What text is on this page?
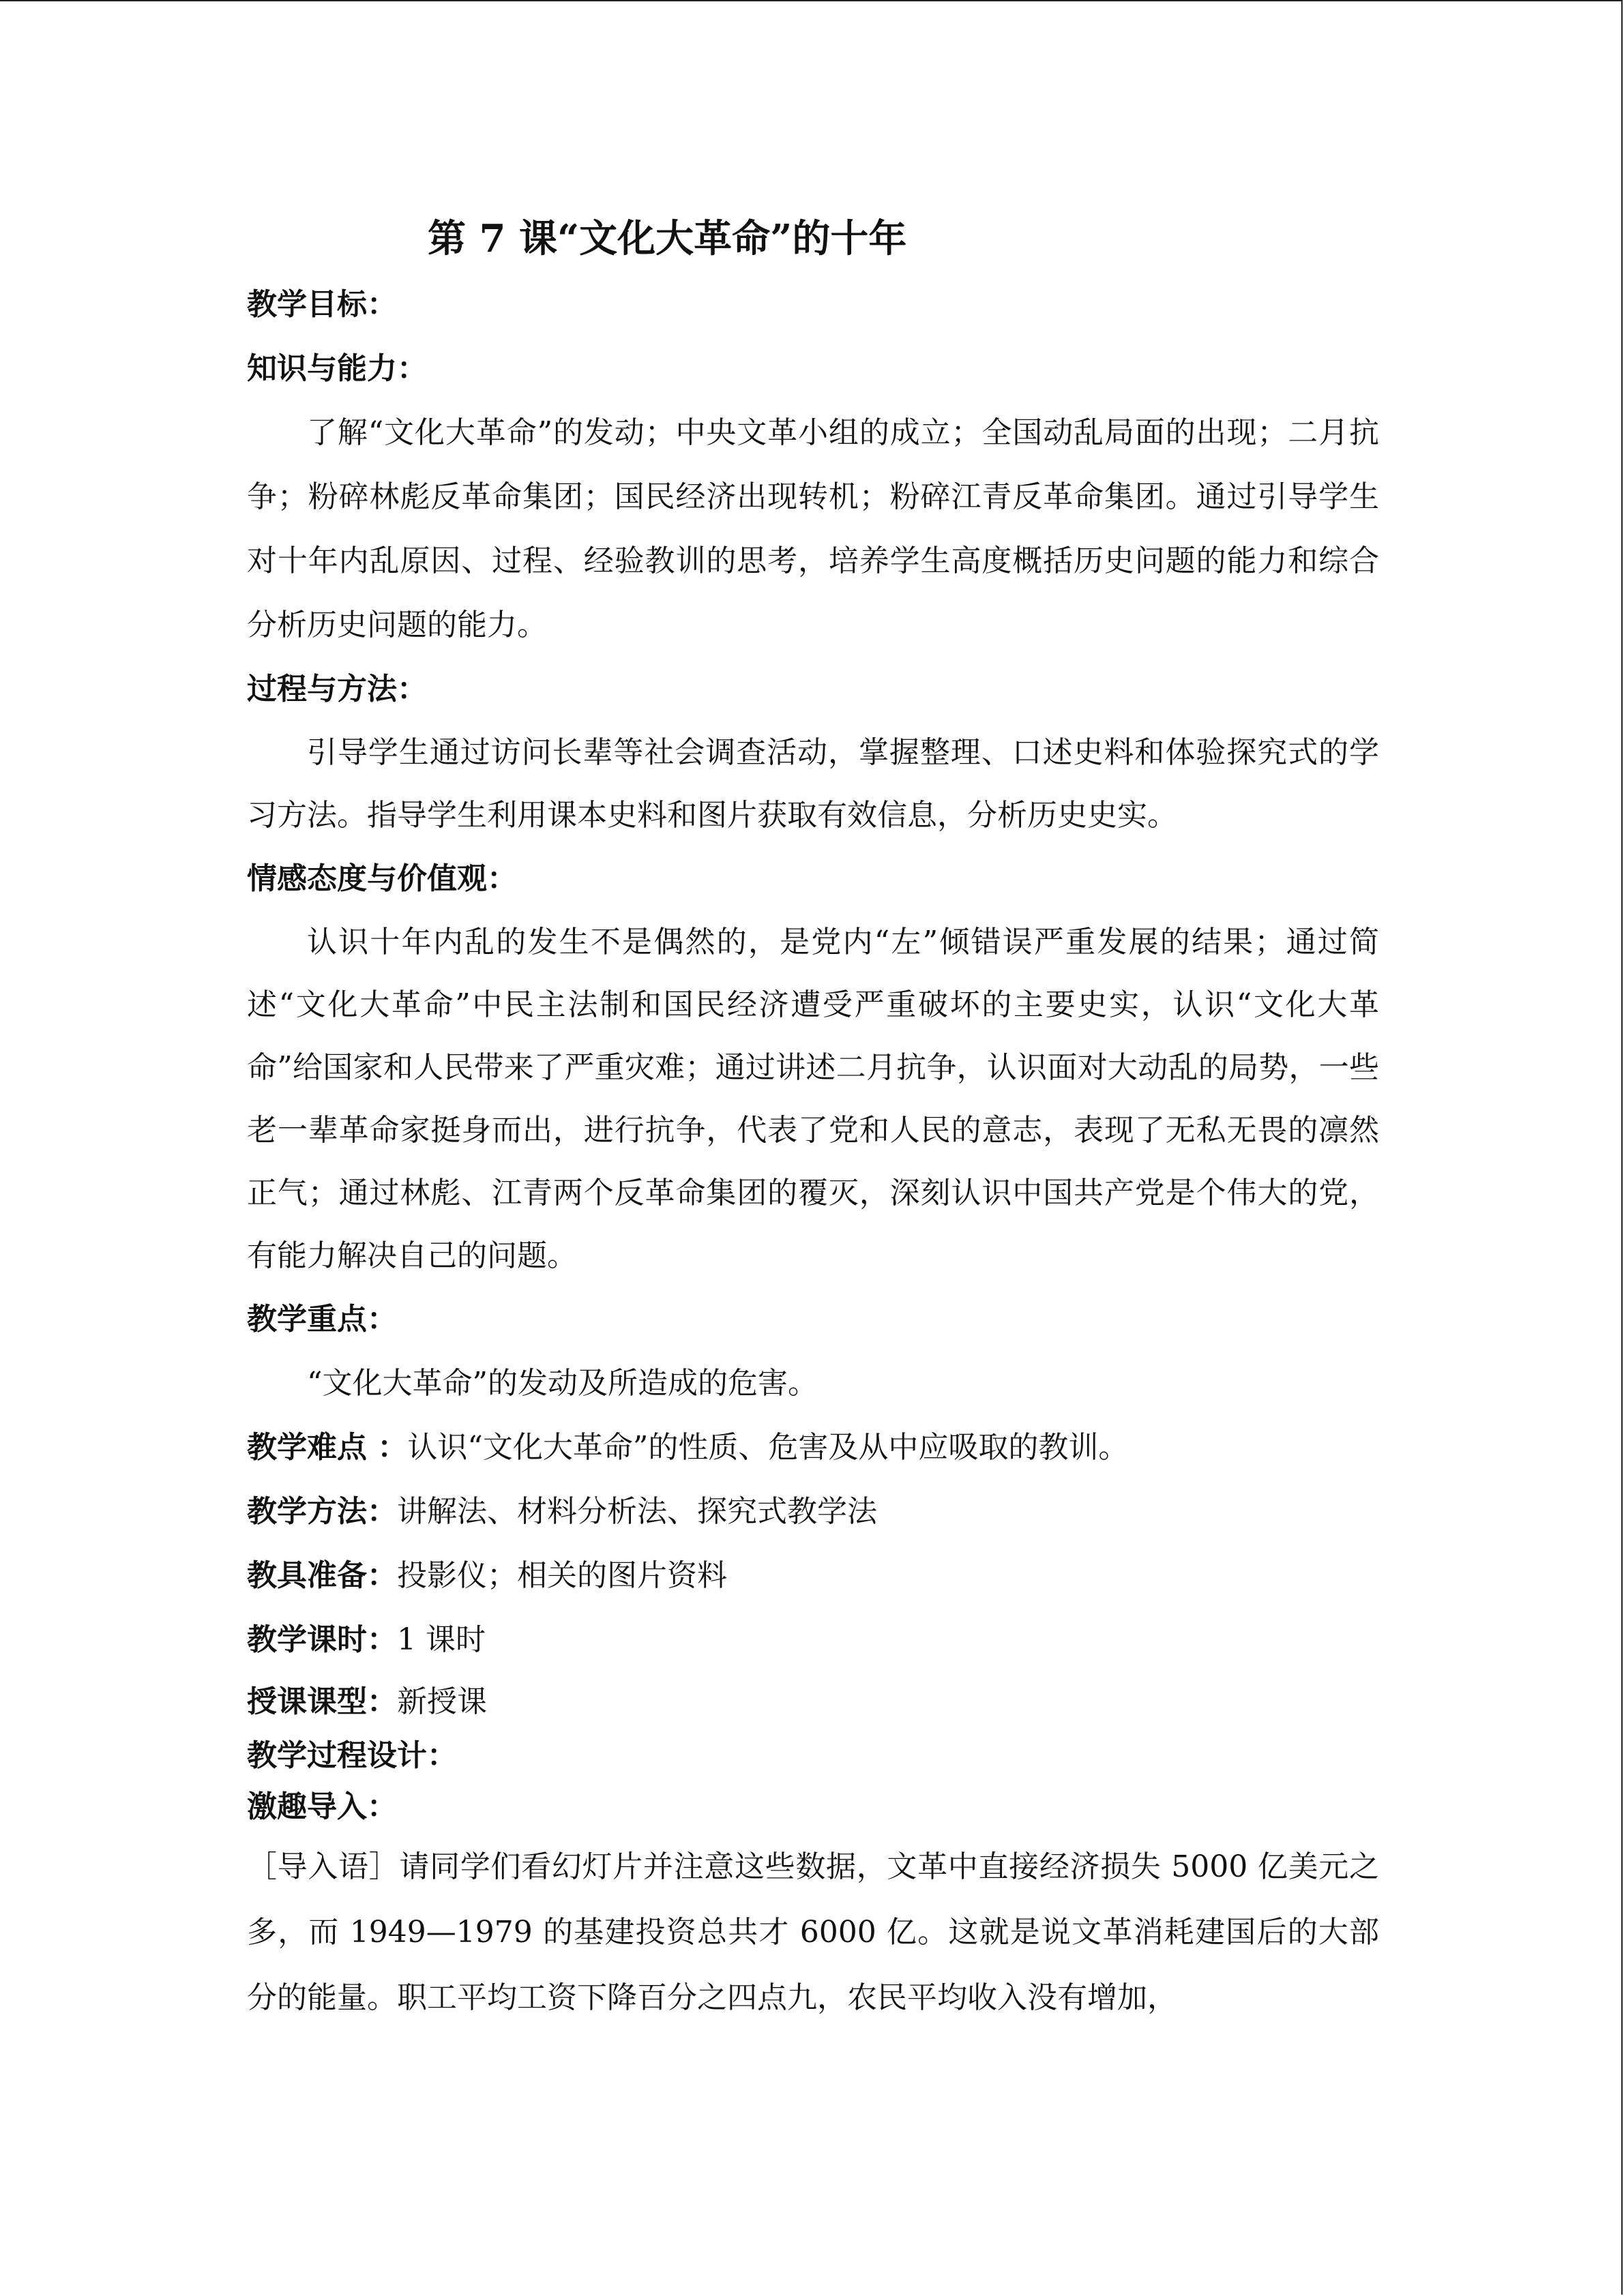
第 7 课“文化大革命”的十年

教学目标：

知识与能力：

了解“文化大革命”的发动；中央文革小组的成立；全国动乱局面的出现；二月抗争；粉碎林彪反革命集团；国民经济出现转机；粉碎江青反革命集团。通过引导学生对十年内乱原因、过程、经验教训的思考，培养学生高度概括历史问题的能力和综合分析历史问题的能力。

过程与方法：

引导学生通过访问长辈等社会调查活动，掌握整理、口述史料和体验探究式的学习方法。指导学生利用课本史料和图片获取有效信息，分析历史史实。

情感态度与价值观：

认识十年内乱的发生不是偶然的，是党内“左”倾错误严重发展的结果；通过简述“文化大革命”中民主法制和国民经济遭受严重破坏的主要史实，认识“文化大革命”给国家和人民带来了严重灾难；通过讲述二月抗争，认识面对大动乱的局势，一些老一辈革命家挺身而出，进行抗争，代表了党和人民的意志，表现了无私无畏的凛然正气；通过林彪、江青两个反革命集团的覆灭，深刻认识中国共产党是个伟大的党，有能力解决自己的问题。

教学重点：

“文化大革命”的发动及所造成的危害。

教学难点 ：认识“文化大革命”的性质、危害及从中应吸取的教训。

教学方法：讲解法、材料分析法、探究式教学法

教具准备：投影仪；相关的图片资料

教学课时：1 课时

授课课型：新授课

教学过程设计：

激趣导入：

［导入语］请同学们看幻灯片并注意这些数据，文革中直接经济损失 5000 亿美元之多，而 1949—1979 的基建投资总共才 6000 亿。这就是说文革消耗建国后的大部分的能量。职工平均工资下降百分之四点九，农民平均收入没有增加，
